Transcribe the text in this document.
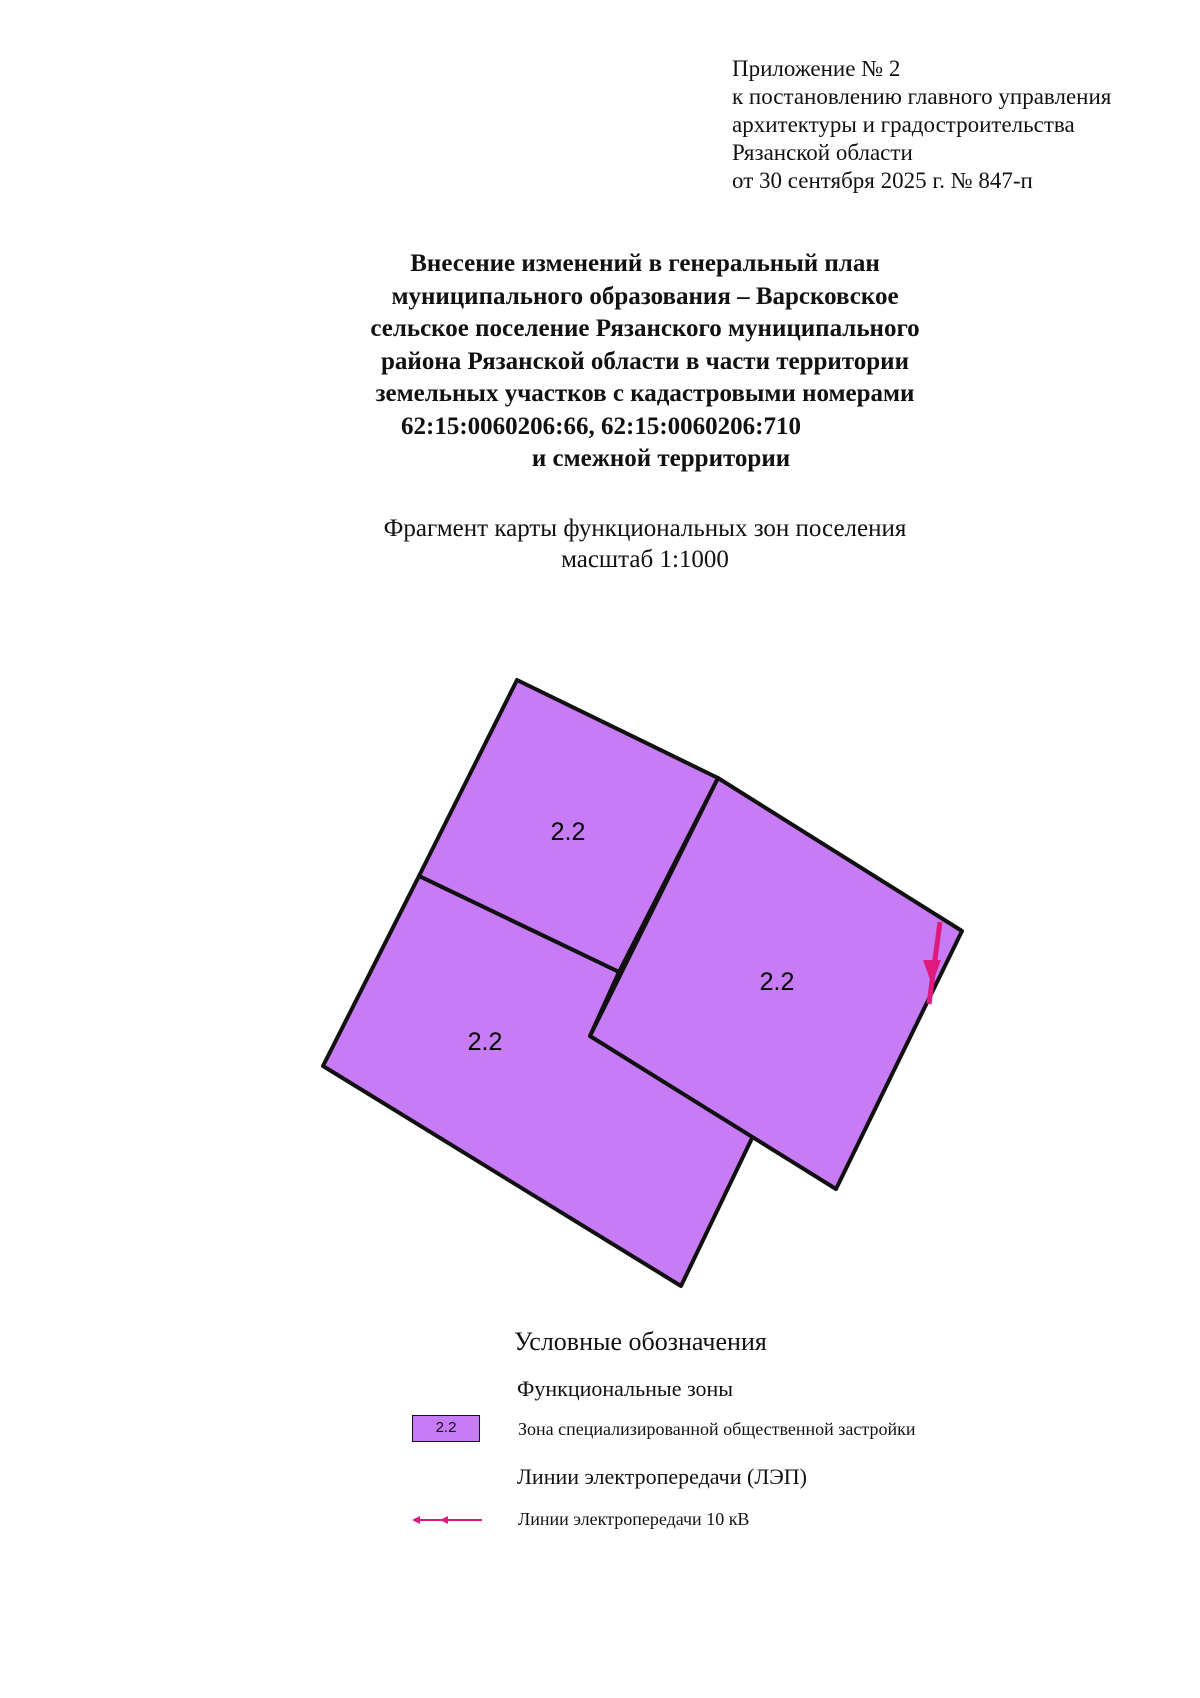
Приложение № 2
к постановлению главного управления
архитектуры и градостроительства
Рязанской области
от 30 сентября 2025 г. № 847-п
Внесение изменений в генеральный план
муниципального образования – Варсковское
сельское поселение Рязанского муниципального
района Рязанской области в части территории
земельных участков с кадастровыми номерами
62:15:0060206:66, 62:15:0060206:710
и смежной территории
Фрагмент карты функциональных зон поселения
масштаб 1:1000
2.2
2.2
2.2
Условные обозначения
Функциональные зоны
2.2	Зона специализированной общественной застройки
Линии электропередачи (ЛЭП)
Линии электропередачи 10 кВ
